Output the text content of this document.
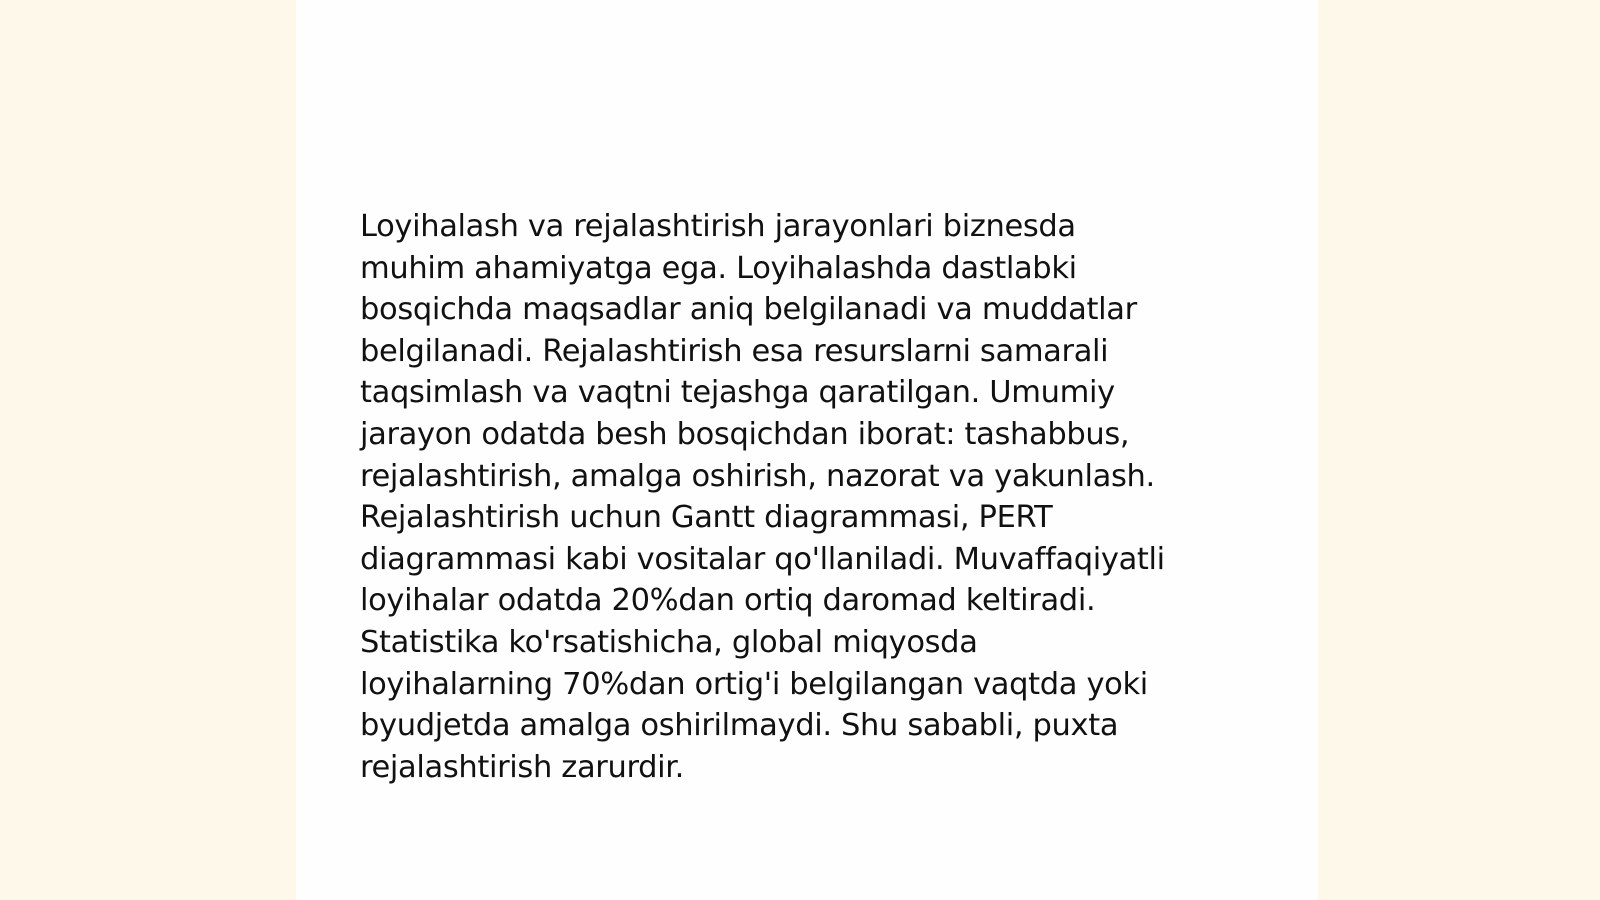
Loyihalash va rejalashtirish jarayonlari biznesda
muhim ahamiyatga ega. Loyihalashda dastlabki
bosqichda maqsadlar aniq belgilanadi va muddatlar
belgilanadi. Rejalashtirish esa resurslarni samarali
taqsimlash va vaqtni tejashga qaratilgan. Umumiy
jarayon odatda besh bosqichdan iborat: tashabbus,
rejalashtirish, amalga oshirish, nazorat va yakunlash.
Rejalashtirish uchun Gantt diagrammasi, PERT
diagrammasi kabi vositalar qo'llaniladi. Muvaffaqiyatli
loyihalar odatda 20%dan ortiq daromad keltiradi.
Statistika ko'rsatishicha, global miqyosda
loyihalarning 70%dan ortig'i belgilangan vaqtda yoki
byudjetda amalga oshirilmaydi. Shu sababli, puxta
rejalashtirish zarurdir.
